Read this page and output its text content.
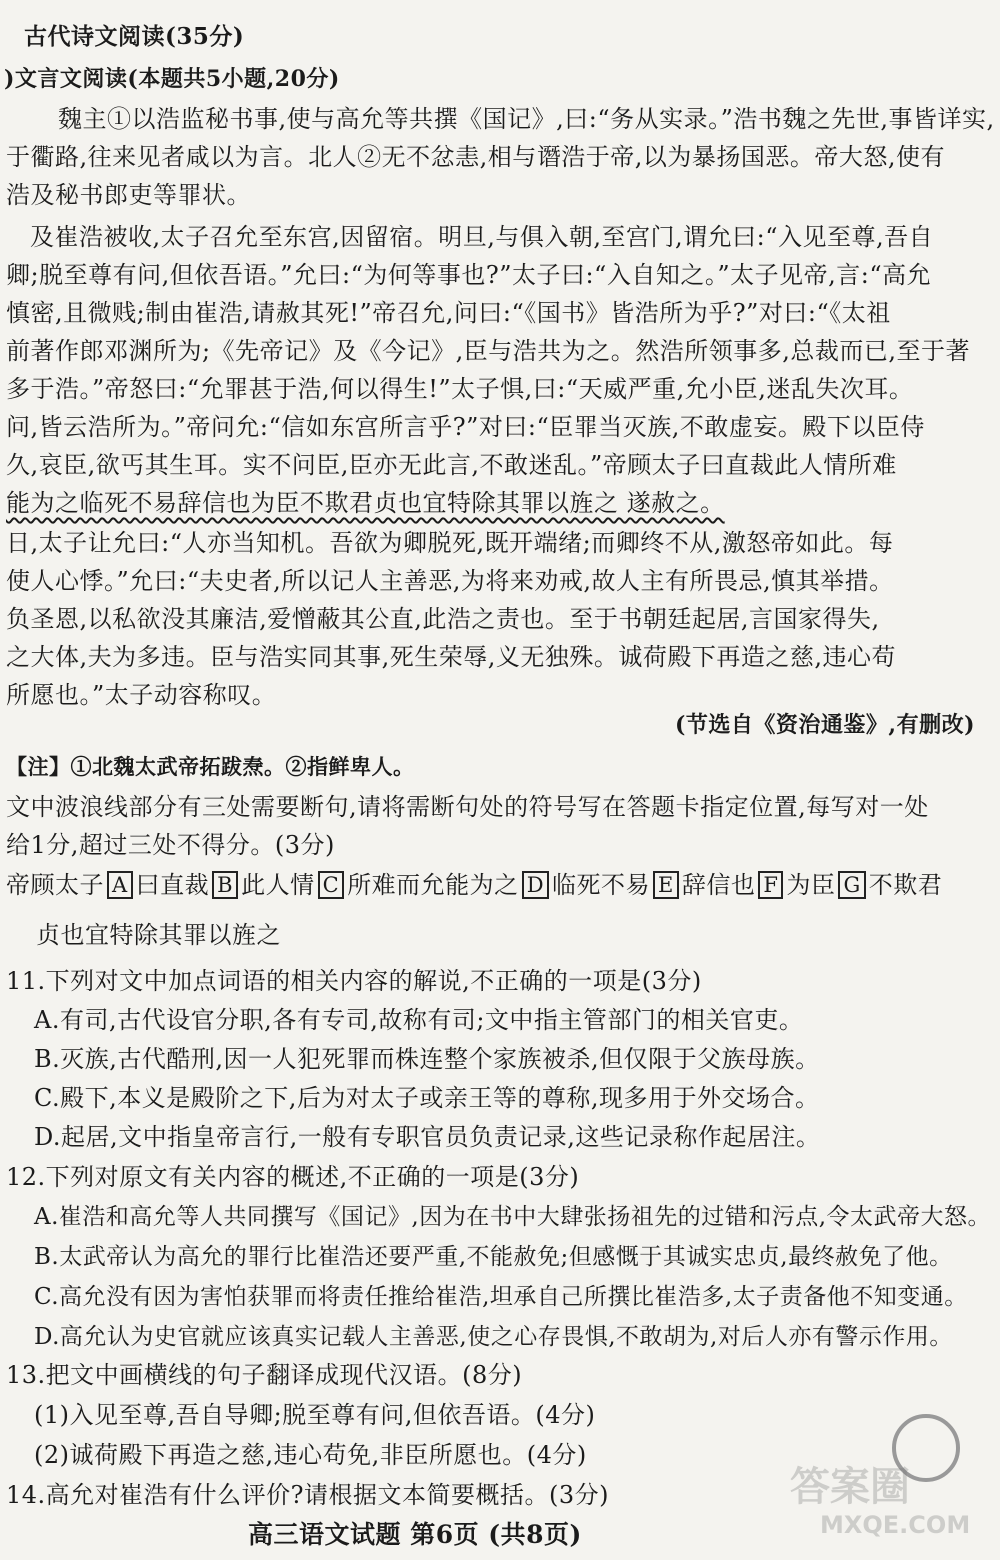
古代诗文阅读(35分)
)文言文阅读(本题共5小题,20分)
魏主①以浩监秘书事,使与高允等共撰《国记》,曰:“务从实录。”浩书魏之先世,事皆详实,
于衢路,往来见者咸以为言。北人②无不忿恚,相与谮浩于帝,以为暴扬国恶。帝大怒,使有
浩及秘书郎吏等罪状。
及崔浩被收,太子召允至东宫,因留宿。明旦,与俱入朝,至宫门,谓允曰:“入见至尊,吾自
卿;脱至尊有问,但依吾语。”允曰:“为何等事也?”太子曰:“入自知之。”太子见帝,言:“高允
慎密,且微贱;制由崔浩,请赦其死!”帝召允,问曰:“《国书》皆浩所为乎?”对曰:“《太祖
前著作郎邓渊所为;《先帝记》及《今记》,臣与浩共为之。然浩所领事多,总裁而已,至于著
多于浩。”帝怒曰:“允罪甚于浩,何以得生!”太子惧,曰:“天威严重,允小臣,迷乱失次耳。
问,皆云浩所为。”帝问允:“信如东宫所言乎?”对曰:“臣罪当灭族,不敢虚妄。殿下以臣侍
久,哀臣,欲丐其生耳。实不问臣,臣亦无此言,不敢迷乱。”帝顾太子曰直裁此人情所难
能为之临死不易辞信也为臣不欺君贞也宜特除其罪以旌之 遂赦之。
日,太子让允曰:“人亦当知机。吾欲为卿脱死,既开端绪;而卿终不从,激怒帝如此。每
使人心悸。”允曰:“夫史者,所以记人主善恶,为将来劝戒,故人主有所畏忌,慎其举措。
负圣恩,以私欲没其廉洁,爱憎蔽其公直,此浩之责也。至于书朝廷起居,言国家得失,
之大体,夫为多违。臣与浩实同其事,死生荣辱,义无独殊。诚荷殿下再造之慈,违心苟
所愿也。”太子动容称叹。
(节选自《资治通鉴》,有删改)
【注】①北魏太武帝拓跋焘。②指鲜卑人。
文中波浪线部分有三处需要断句,请将需断句处的符号写在答题卡指定位置,每写对一处
给1分,超过三处不得分。(3分)
帝顾太子 A 曰直裁 B 此人情 C 所难而允能为之 D 临死不易 E 辞信也 F 为臣 G 不欺君
贞也宜特除其罪以旌之
11.下列对文中加点词语的相关内容的解说,不正确的一项是(3分)
A.有司,古代设官分职,各有专司,故称有司;文中指主管部门的相关官吏。
B.灭族,古代酷刑,因一人犯死罪而株连整个家族被杀,但仅限于父族母族。
C.殿下,本义是殿阶之下,后为对太子或亲王等的尊称,现多用于外交场合。
D.起居,文中指皇帝言行,一般有专职官员负责记录,这些记录称作起居注。
12.下列对原文有关内容的概述,不正确的一项是(3分)
A.崔浩和高允等人共同撰写《国记》,因为在书中大肆张扬祖先的过错和污点,令太武帝大怒。
B.太武帝认为高允的罪行比崔浩还要严重,不能赦免;但感慨于其诚实忠贞,最终赦免了他。
C.高允没有因为害怕获罪而将责任推给崔浩,坦承自己所撰比崔浩多,太子责备他不知变通。
D.高允认为史官就应该真实记载人主善恶,使之心存畏惧,不敢胡为,对后人亦有警示作用。
13.把文中画横线的句子翻译成现代汉语。(8分)
(1)入见至尊,吾自导卿;脱至尊有问,但依吾语。(4分)
(2)诚荷殿下再造之慈,违心苟免,非臣所愿也。(4分)
14.高允对崔浩有什么评价?请根据文本简要概括。(3分)
高三语文试题 第6页 (共8页)
答案圈
MXQE.COM
